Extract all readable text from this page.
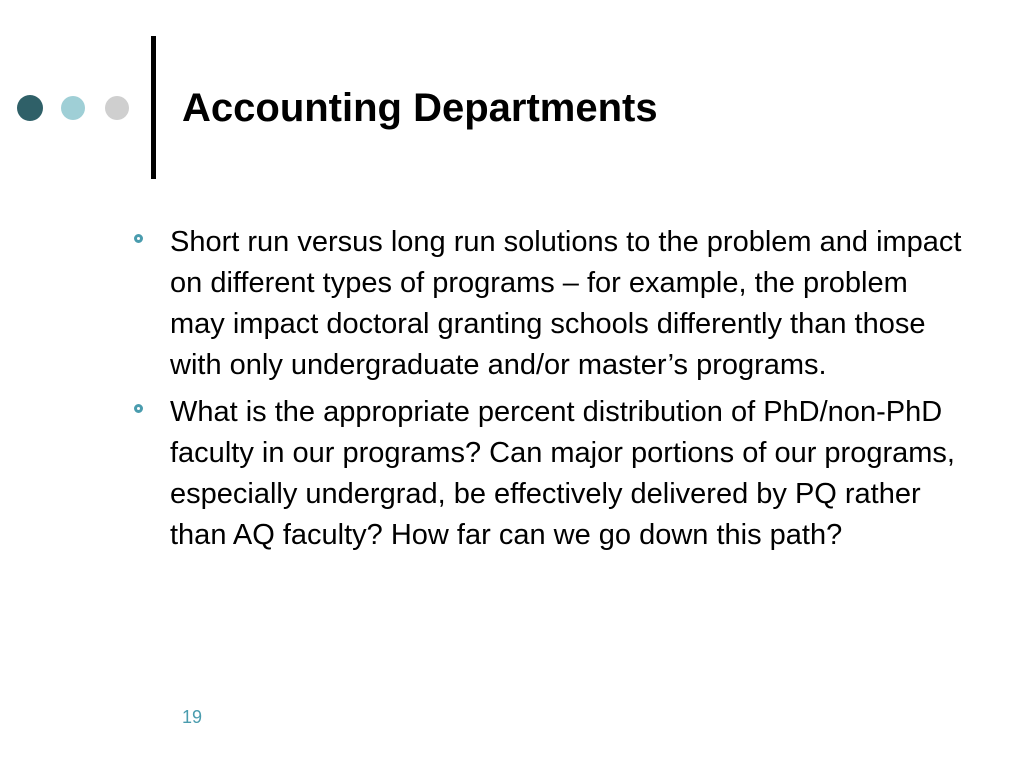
Accounting Departments
Short run versus long run solutions to the problem and impact on different types of programs – for example, the problem may impact doctoral granting schools differently than those with only undergraduate and/or master’s programs.
What is the appropriate percent distribution of PhD/non-PhD faculty in our programs? Can major portions of our programs, especially undergrad, be effectively delivered by PQ rather than AQ faculty? How far can we go down this path?
19
